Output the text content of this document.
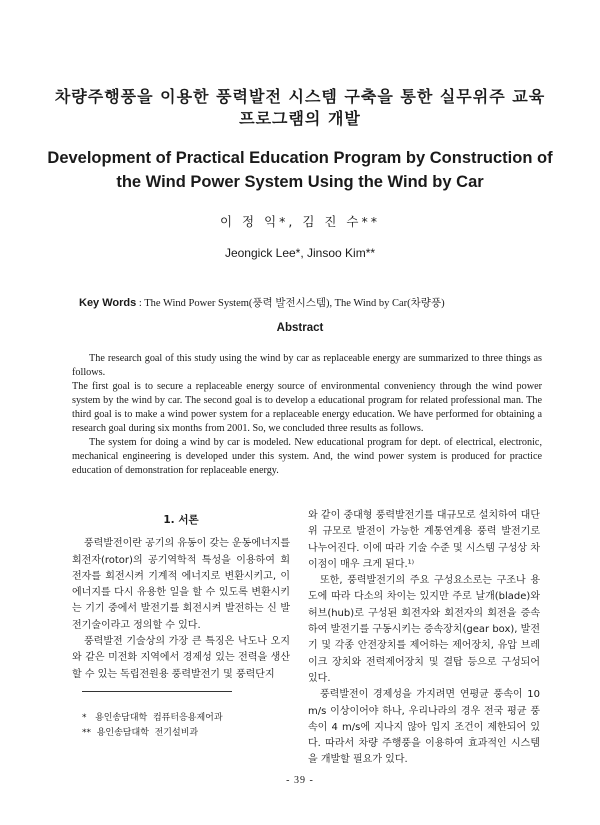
차량주행풍을 이용한 풍력발전 시스템 구축을 통한 실무위주 교육
프로그램의 개발
Development of Practical Education Program by Construction of
the Wind Power System Using the Wind by Car
이 정 익*, 김 진 수**
Jeongick Lee*, Jinsoo Kim**
Key Words : The Wind Power System(풍력 발전시스템), The Wind by Car(차량풍)
Abstract

The research goal of this study using the wind by car as replaceable energy are summarized to three things as follows.

The first goal is to secure a replaceable energy source of environmental conveniency through the wind power system by the wind by car. The second goal is to develop a educational program for related professional man. The third goal is to make a wind power system for a replaceable energy education. We have performed for obtaining a research goal during six months from 2001. So, we concluded three results as follows.

The system for doing a wind by car is modeled. New educational program for dept. of electrical, electronic, mechanical engineering is developed under this system. And, the wind power system is produced for practice education of demonstration for replaceable energy.

1. 서론

풍력발전이란 공기의 유동이 갖는 운동에너지를 회전자(rotor)의 공기역학적 특성을 이용하여 회전자를 회전시켜 기계적 에너지로 변환시키고, 이 에너지를 다시 유용한 일을 할 수 있도록 변환시키는 기기 중에서 발전기를 회전시켜 발전하는 신 발전기술이라고 정의할 수 있다.

풍력발전 기술상의 가장 큰 특징은 낙도나 오지와 같은 미전화 지역에서 경제성 있는 전력을 생산할 수 있는 독립전원용 풍력발전기 및 풍력단지

와 같이 중대형 풍력발전기를 대규모로 설치하여 대단위 규모로 발전이 가능한 계통연계용 풍력 발전기로 나누어진다. 이에 따라 기술 수준 및 시스템 구성상 차이점이 매우 크게 된다.¹⁾

또한, 풍력발전기의 주요 구성요소로는 구조나 용도에 따라 다소의 차이는 있지만 주로 날개(blade)와 허브(hub)로 구성된 회전자와 회전자의 회전을 증속하여 발전기를 구동시키는 증속장치(gear box), 발전기 및 각종 안전장치를 제어하는 제어장치, 유압 브레이크 장치와 전력제어장치 및 결탑 등으로 구성되어 있다.

풍력발전이 경제성을 가지려면 연평균 풍속이 10 m/s 이상이어야 하나, 우리나라의 경우 전국 평균 풍속이 4 m/s에 지나지 않아 입지 조건이 제한되어 있다. 따라서 차량 주행풍을 이용하여 효과적인 시스템을 개발할 필요가 있다.

*   용인송담대학  컴퓨터응용제어과
**  용인송담대학  전기설비과
- 39 -
